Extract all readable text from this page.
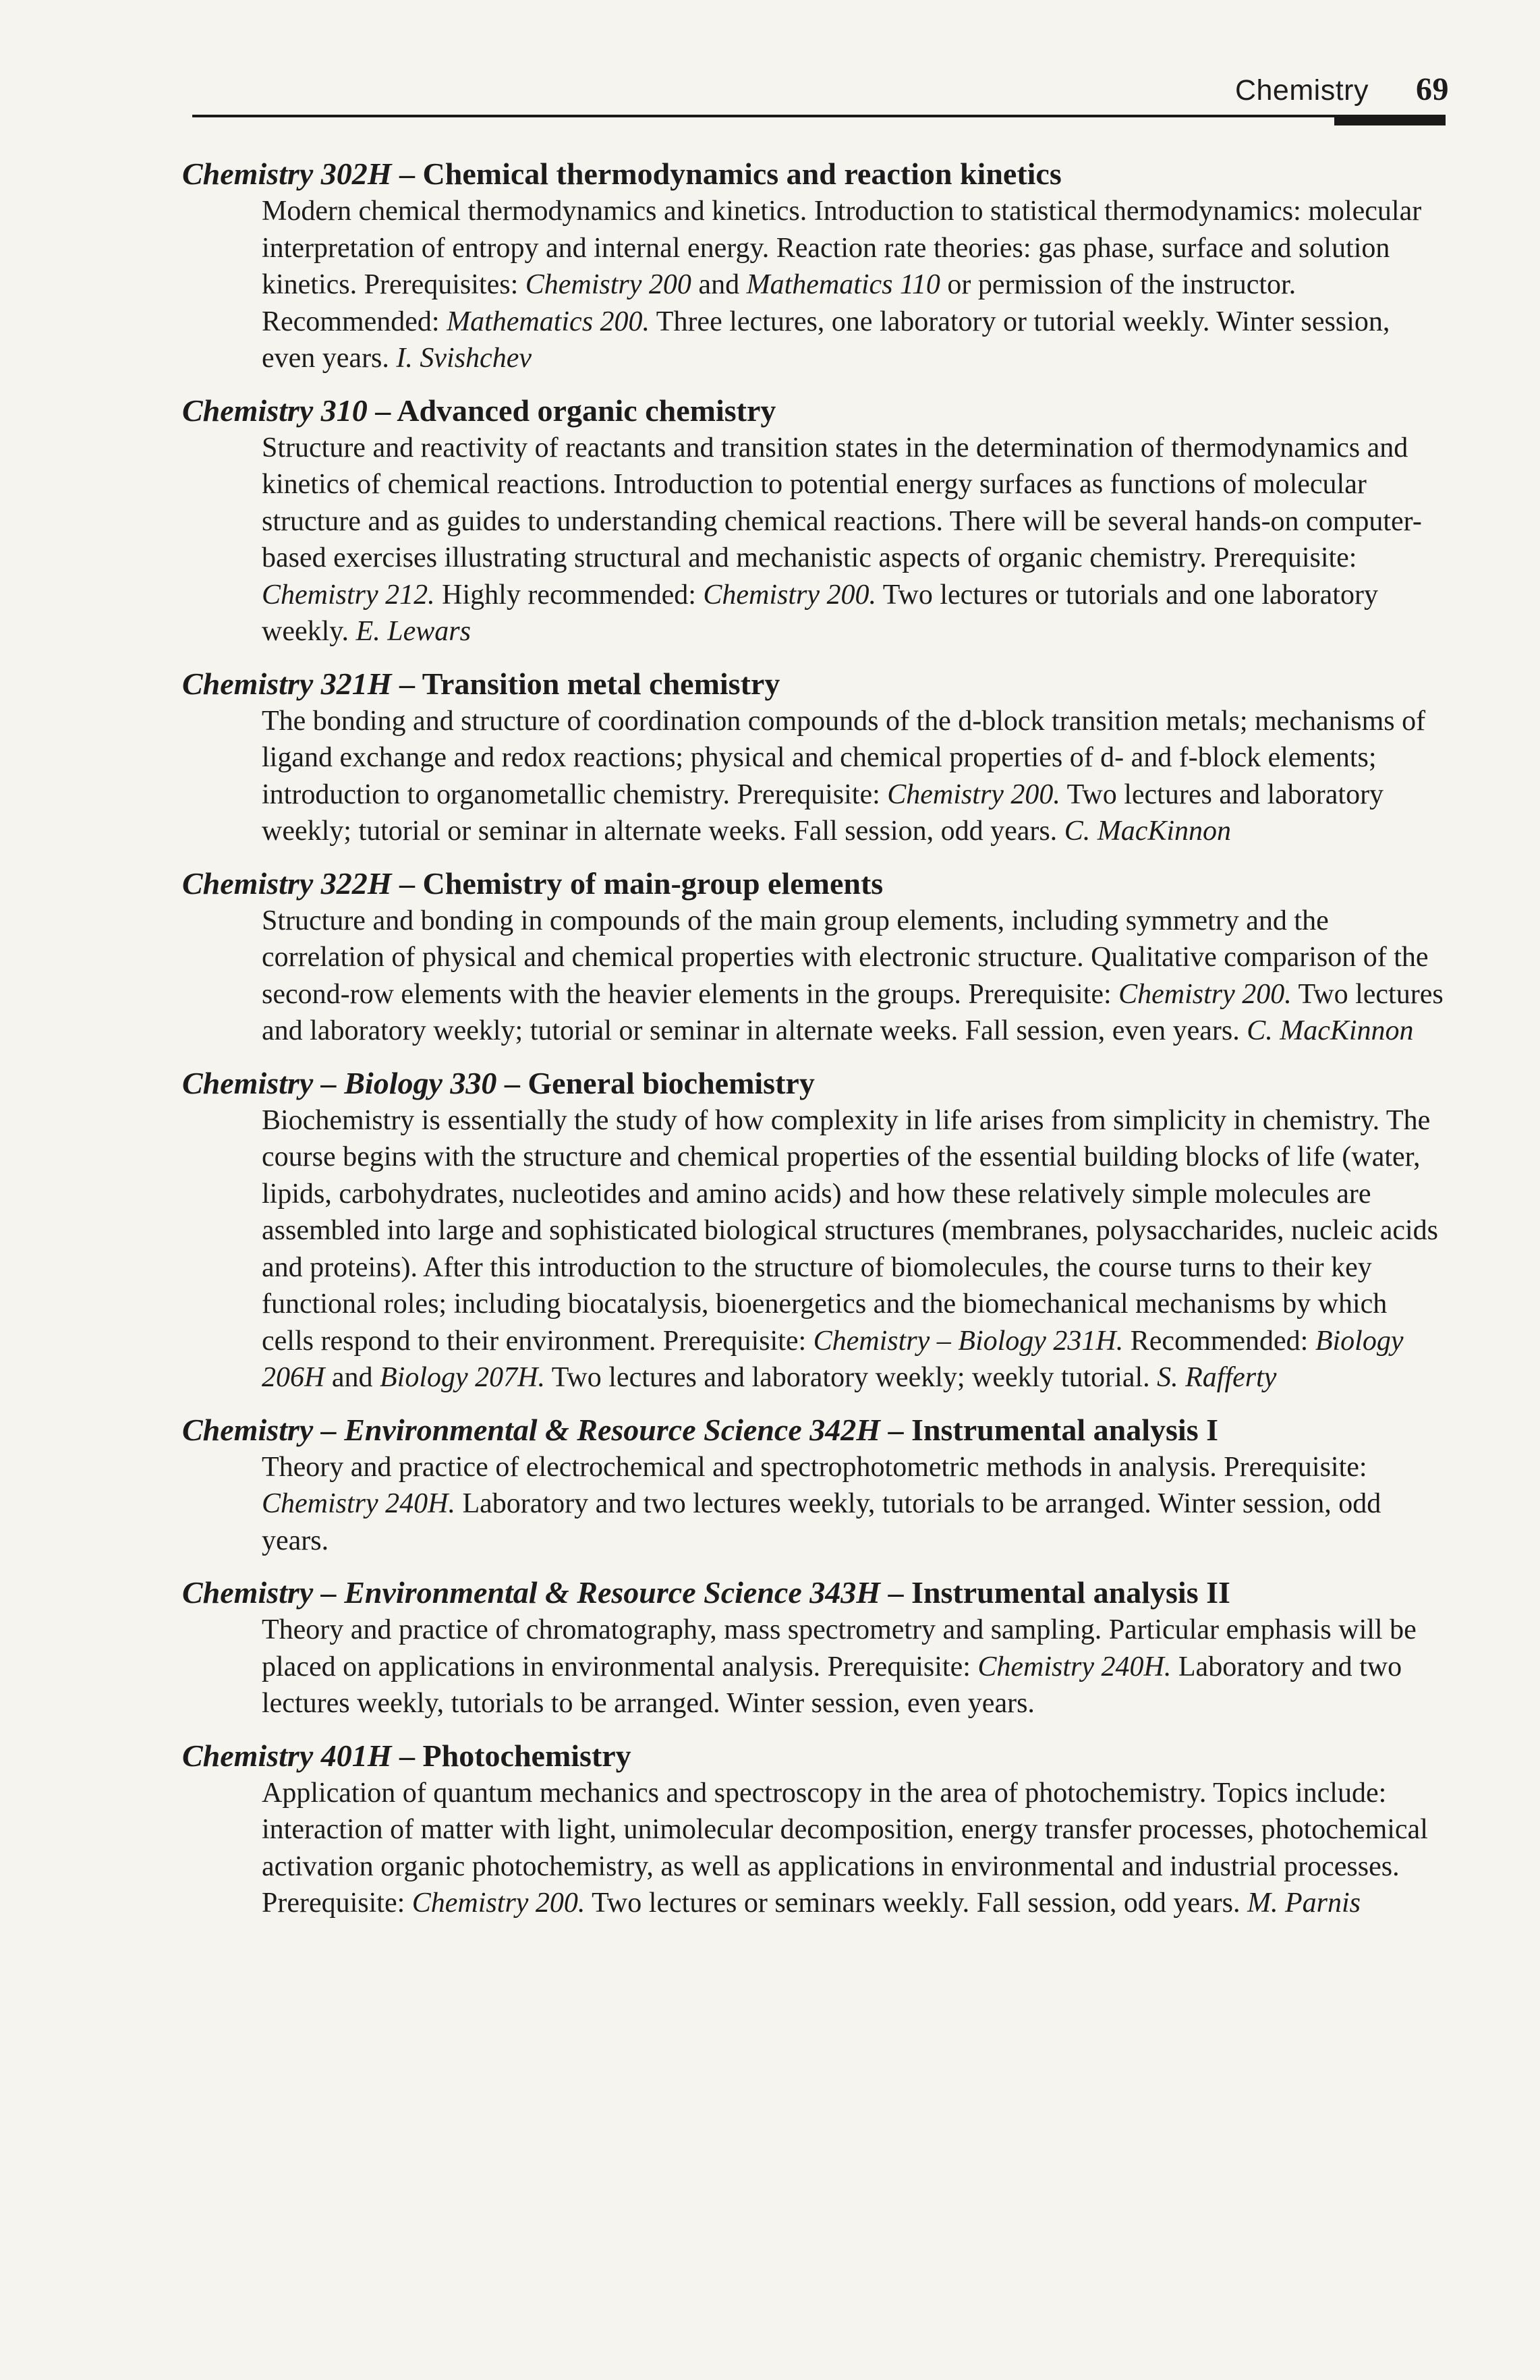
Chemistry 69
Chemistry 302H – Chemical thermodynamics and reaction kinetics
Modern chemical thermodynamics and kinetics. Introduction to statistical thermodynamics: molecular interpretation of entropy and internal energy. Reaction rate theories: gas phase, surface and solution kinetics. Prerequisites: Chemistry 200 and Mathematics 110 or permission of the instructor. Recommended: Mathematics 200. Three lectures, one laboratory or tutorial weekly. Winter session, even years. I. Svishchev
Chemistry 310 – Advanced organic chemistry
Structure and reactivity of reactants and transition states in the determination of thermodynamics and kinetics of chemical reactions. Introduction to potential energy surfaces as functions of molecular structure and as guides to understanding chemical reactions. There will be several hands-on computer-based exercises illustrating structural and mechanistic aspects of organic chemistry. Prerequisite: Chemistry 212. Highly recommended: Chemistry 200. Two lectures or tutorials and one laboratory weekly. E. Lewars
Chemistry 321H – Transition metal chemistry
The bonding and structure of coordination compounds of the d-block transition metals; mechanisms of ligand exchange and redox reactions; physical and chemical properties of d- and f-block elements; introduction to organometallic chemistry. Prerequisite: Chemistry 200. Two lectures and laboratory weekly; tutorial or seminar in alternate weeks. Fall session, odd years. C. MacKinnon
Chemistry 322H – Chemistry of main-group elements
Structure and bonding in compounds of the main group elements, including symmetry and the correlation of physical and chemical properties with electronic structure. Qualitative comparison of the second-row elements with the heavier elements in the groups. Prerequisite: Chemistry 200. Two lectures and laboratory weekly; tutorial or seminar in alternate weeks. Fall session, even years. C. MacKinnon
Chemistry – Biology 330 – General biochemistry
Biochemistry is essentially the study of how complexity in life arises from simplicity in chemistry. The course begins with the structure and chemical properties of the essential building blocks of life (water, lipids, carbohydrates, nucleotides and amino acids) and how these relatively simple molecules are assembled into large and sophisticated biological structures (membranes, polysaccharides, nucleic acids and proteins). After this introduction to the structure of biomolecules, the course turns to their key functional roles; including biocatalysis, bioenergetics and the biomechanical mechanisms by which cells respond to their environment. Prerequisite: Chemistry – Biology 231H. Recommended: Biology 206H and Biology 207H. Two lectures and laboratory weekly; weekly tutorial. S. Rafferty
Chemistry – Environmental & Resource Science 342H – Instrumental analysis I
Theory and practice of electrochemical and spectrophotometric methods in analysis. Prerequisite: Chemistry 240H. Laboratory and two lectures weekly, tutorials to be arranged. Winter session, odd years.
Chemistry – Environmental & Resource Science 343H – Instrumental analysis II
Theory and practice of chromatography, mass spectrometry and sampling. Particular emphasis will be placed on applications in environmental analysis. Prerequisite: Chemistry 240H. Laboratory and two lectures weekly, tutorials to be arranged. Winter session, even years.
Chemistry 401H – Photochemistry
Application of quantum mechanics and spectroscopy in the area of photochemistry. Topics include: interaction of matter with light, unimolecular decomposition, energy transfer processes, photochemical activation organic photochemistry, as well as applications in environmental and industrial processes. Prerequisite: Chemistry 200. Two lectures or seminars weekly. Fall session, odd years. M. Parnis
